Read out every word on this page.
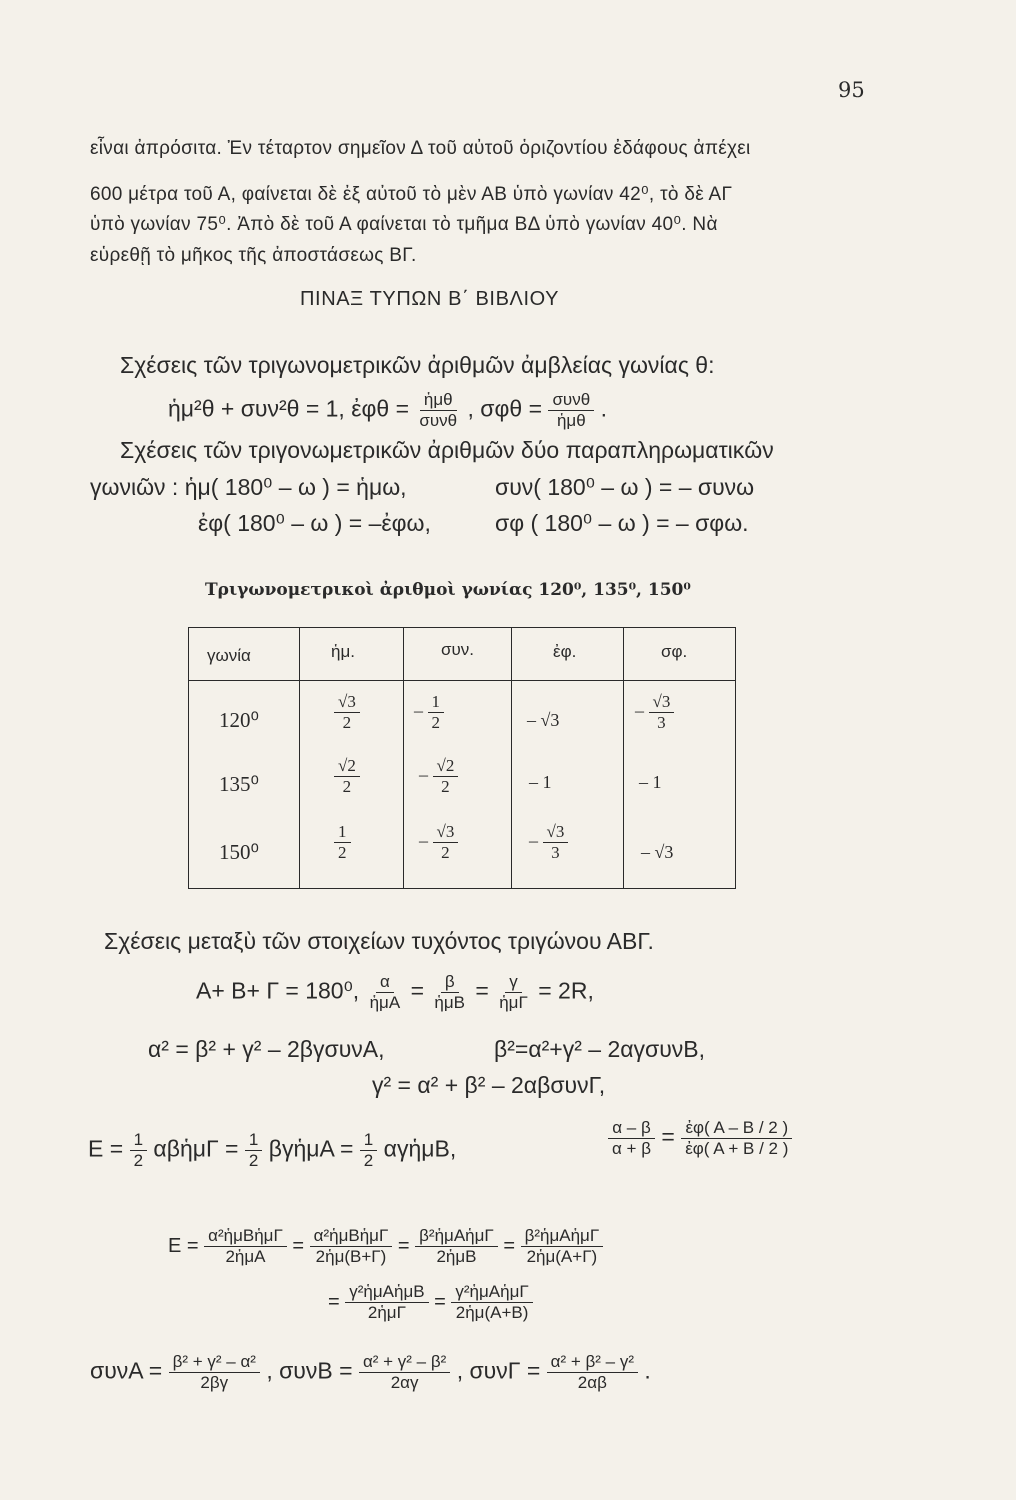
95
εἶναι ἀπρόσιτα. Ἐν τέταρτον σημεῖον Δ τοῦ αὐτοῦ ὁριζοντίου ἐδάφους ἀπέχει
600 μέτρα τοῦ Α, φαίνεται δὲ ἐξ αὐτοῦ τὸ μὲν ΑΒ ὑπὸ γωνίαν 42⁰, τὸ δὲ ΑΓ
ὑπὸ γωνίαν 75⁰. Ἀπὸ δὲ τοῦ Α φαίνεται τὸ τμῆμα ΒΔ ὑπὸ γωνίαν 40⁰. Νὰ
εὑρεθῇ τὸ μῆκος τῆς ἀποστάσεως ΒΓ.
ΠΙΝΑΞ ΤΥΠΩΝ Β΄ ΒΙΒΛΙΟΥ
Σχέσεις τῶν τριγωνομετρικῶν ἀριθμῶν ἀμβλείας γωνίας θ:
ἡμ²θ + συν²θ = 1, ἐφθ = $\frac{\text{ἡμθ}}{\text{συνθ}}$ , $\sigma\varphi\theta = \frac{\text{συνθ}}{\text{ἡμθ}}$ .
Σχέσεις τῶν τριγονωμετρικῶν ἀριθμῶν δύο παραπληρωματικῶν
γωνιῶν : ἡμ( 180⁰ – ω ) = ἡμω,	συν( 180⁰ – ω ) = – συνω
ἐφ( 180⁰ – ω ) = –ἐφω,	σφ ( 180⁰ – ω ) = – σφω.
Τριγωνομετρικοὶ ἀριθμοὶ γωνίας 120⁰, 135⁰, 150⁰
γωνία	ἡμ.	συν.	ἐφ.	σφ.
120⁰	$\frac{√3}{2}$	– $\frac{1}{2}$	– √3	– $\frac{√3}{3}$
135⁰	$\frac{√2}{2}$	– $\frac{√2}{2}$	– 1	– 1
150⁰	$\frac{1}{2}$	– $\frac{√3}{2}$	– $\frac{√3}{3}$	– √3
Σχέσεις μεταξὺ τῶν στοιχείων τυχόντος τριγώνου ΑΒΓ.
Α+ Β+ Γ = 180⁰, $\frac{\alpha}{\text{ἡμΑ}} = \frac{\beta}{\text{ἡμΒ}} = \frac{\gamma}{\text{ἡμΓ}} = 2R$,
α² = β² + γ² – 2βγσυνΑ,	β²=α²+γ² – 2αγσυνΒ,
γ² = α² + β² – 2αβσυνΓ,
$E = \frac{1}{2}$ αβἡμΓ = $\frac{1}{2}$ βγἡμΑ = $\frac{1}{2}$ αγἡμΒ,	$\frac{\alpha - \beta}{\alpha + \beta} = \frac{\text{ἐφ( Α – Β / 2 )}}{\text{ἐφ( Α + Β / 2 )}}$
$E = \frac{\text{α²ἡμΒἡμΓ}}{\text{2ἡμΑ}} = \frac{\text{α²ἡμΒἡμΓ}}{\text{2ἡμ(Β+Γ)}} = \frac{\text{β²ἡμΑἡμΓ}}{\text{2ἡμΒ}} = \frac{\text{β²ἡμΑἡμΓ}}{\text{2ἡμ(Α+Γ)}}$
= $\frac{\text{γ²ἡμΑἡμΒ}}{\text{2ἡμΓ}} = \frac{\text{γ²ἡμΑἡμΓ}}{\text{2ἡμ(Α+Β)}}$
$\sigma\upsilon\nu A = \frac{\text{β² + γ² – α²}}{2\beta\gamma}$ , $\sigma\upsilon\nu B = \frac{\text{α² + γ² – β²}}{2\alpha\gamma}$ , $\sigma\upsilon\nu\Gamma = \frac{\text{α² + β² – γ²}}{2\alpha\beta}$ .
